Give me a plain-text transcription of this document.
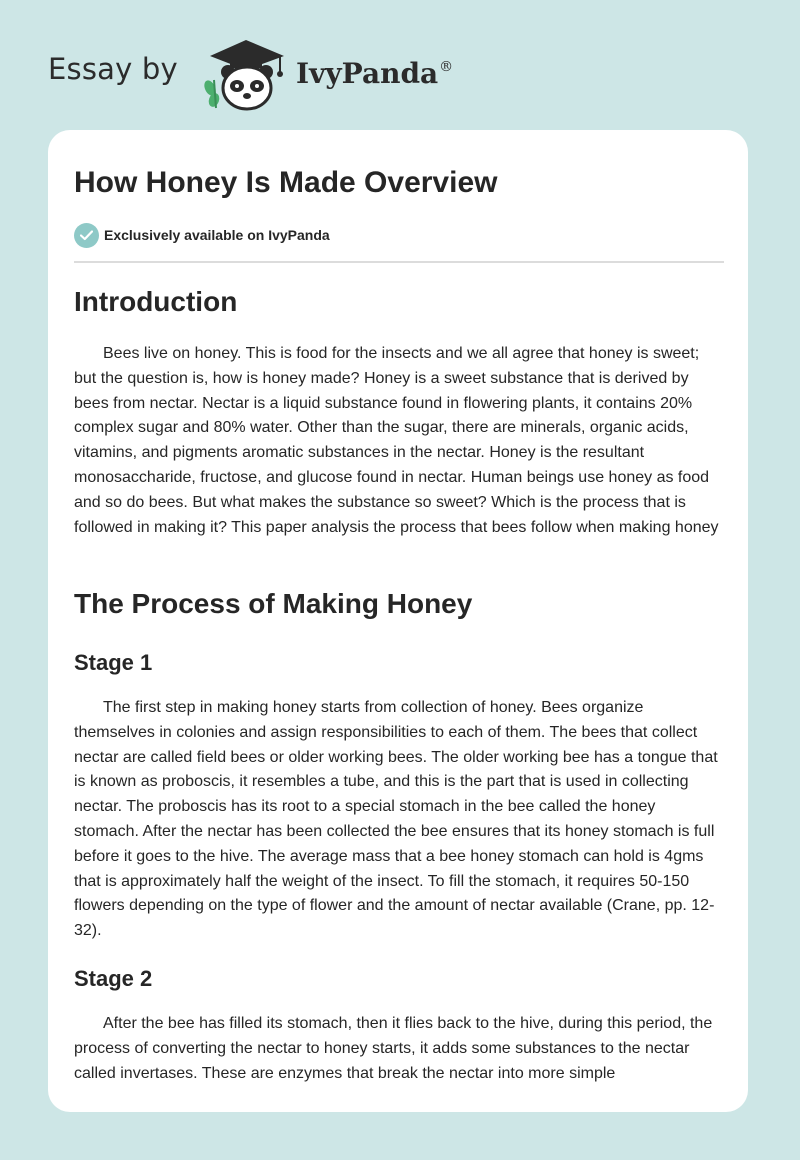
Essay by	IvyPanda®
How Honey Is Made Overview
Exclusively available on IvyPanda
Introduction

Bees live on honey. This is food for the insects and we all agree that honey is sweet; but the question is, how is honey made? Honey is a sweet substance that is derived by bees from nectar. Nectar is a liquid substance found in flowering plants, it contains 20% complex sugar and 80% water. Other than the sugar, there are minerals, organic acids, vitamins, and pigments aromatic substances in the nectar. Honey is the resultant monosaccharide, fructose, and glucose found in nectar. Human beings use honey as food and so do bees. But what makes the substance so sweet? Which is the process that is followed in making it? This paper analysis the process that bees follow when making honey

The Process of Making Honey
Stage 1

The first step in making honey starts from collection of honey. Bees organize themselves in colonies and assign responsibilities to each of them. The bees that collect nectar are called field bees or older working bees. The older working bee has a tongue that is known as proboscis, it resembles a tube, and this is the part that is used in collecting nectar. The proboscis has its root to a special stomach in the bee called the honey stomach. After the nectar has been collected the bee ensures that its honey stomach is full before it goes to the hive. The average mass that a bee honey stomach can hold is 4gms that is approximately half the weight of the insect. To fill the stomach, it requires 50-150 flowers depending on the type of flower and the amount of nectar available (Crane, pp. 12-32).

Stage 2

After the bee has filled its stomach, then it flies back to the hive, during this period, the process of converting the nectar to honey starts, it adds some substances to the nectar called invertases. These are enzymes that break the nectar into more simple
